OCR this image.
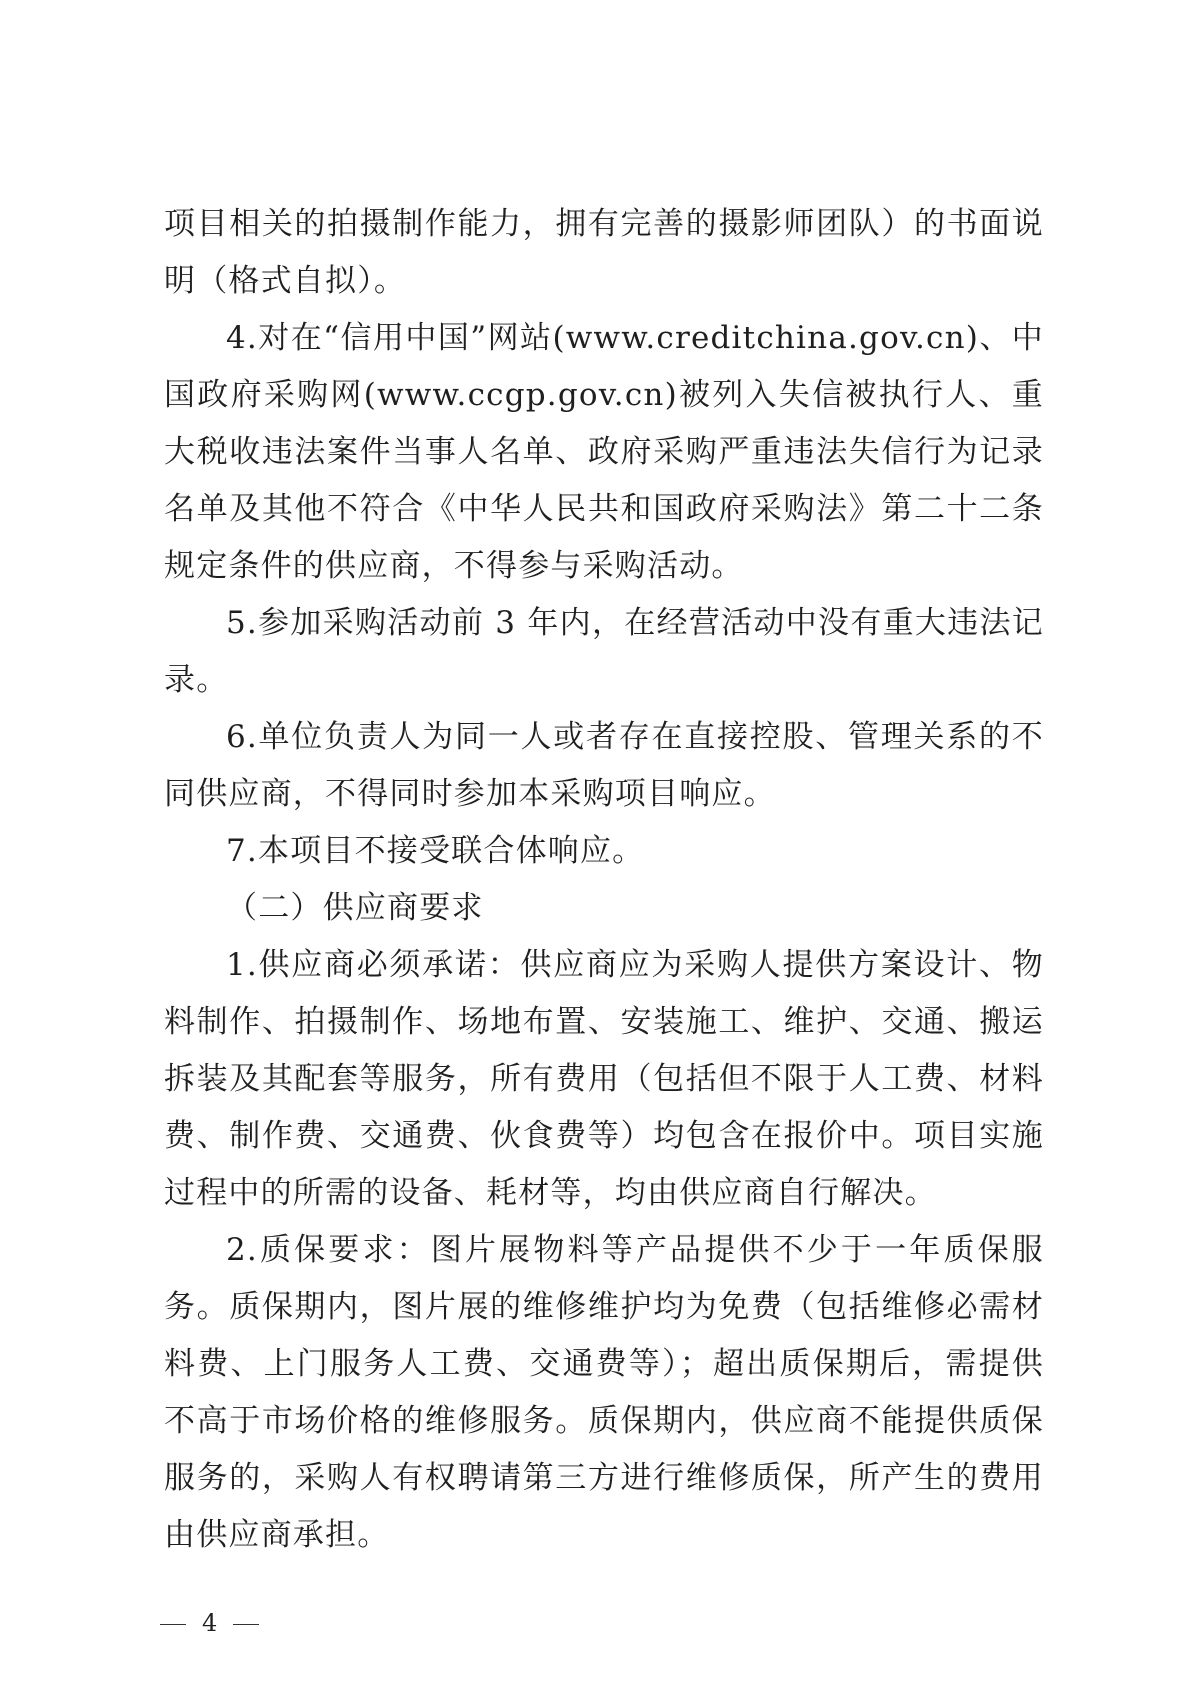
项目相关的拍摄制作能力，拥有完善的摄影师团队）的书面说明（格式自拟）。

4.对在“信用中国”网站(www.creditchina.gov.cn)、中国政府采购网(www.ccgp.gov.cn)被列入失信被执行人、重大税收违法案件当事人名单、政府采购严重违法失信行为记录名单及其他不符合《中华人民共和国政府采购法》第二十二条规定条件的供应商，不得参与采购活动。

5.参加采购活动前 3 年内，在经营活动中没有重大违法记录。

6.单位负责人为同一人或者存在直接控股、管理关系的不同供应商，不得同时参加本采购项目响应。

7.本项目不接受联合体响应。

（二）供应商要求

1.供应商必须承诺：供应商应为采购人提供方案设计、物料制作、拍摄制作、场地布置、安装施工、维护、交通、搬运拆装及其配套等服务，所有费用（包括但不限于人工费、材料费、制作费、交通费、伙食费等）均包含在报价中。项目实施过程中的所需的设备、耗材等，均由供应商自行解决。

2.质保要求：图片展物料等产品提供不少于一年质保服务。质保期内，图片展的维修维护均为免费（包括维修必需材料费、上门服务人工费、交通费等）；超出质保期后，需提供不高于市场价格的维修服务。质保期内，供应商不能提供质保服务的，采购人有权聘请第三方进行维修质保，所产生的费用由供应商承担。

4
